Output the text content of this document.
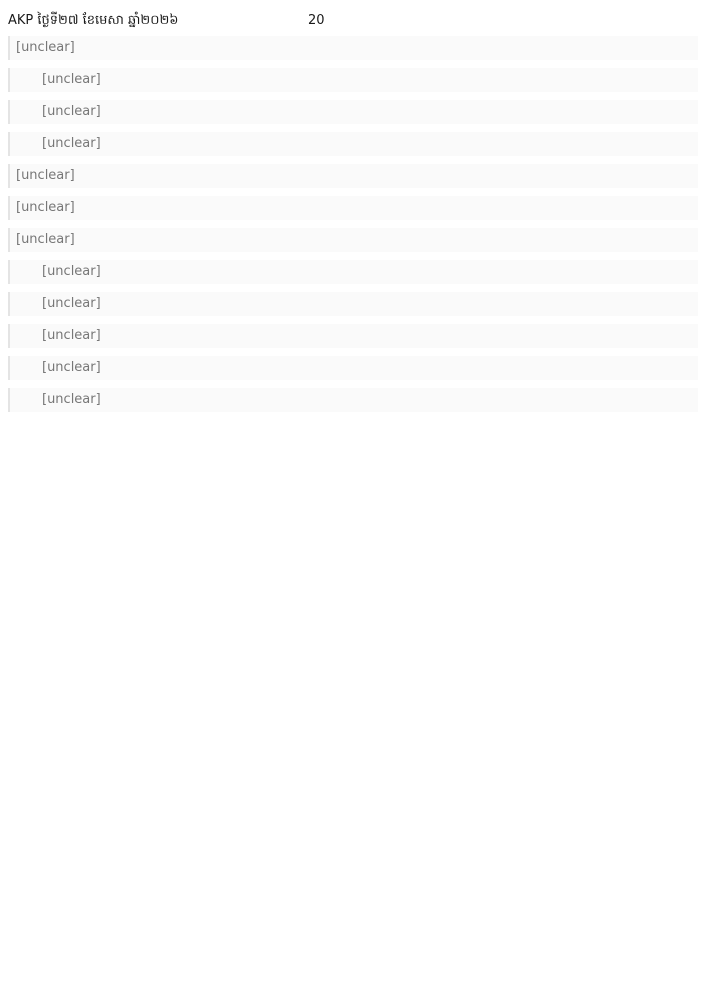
AKP ថ្ងៃទី២៧ ខែមេសា ឆ្នាំ២០២៦	20

[unclear]

[unclear]

[unclear]

[unclear]

[unclear]

[unclear]

[unclear]

[unclear]

[unclear]

[unclear]

[unclear]

[unclear]
